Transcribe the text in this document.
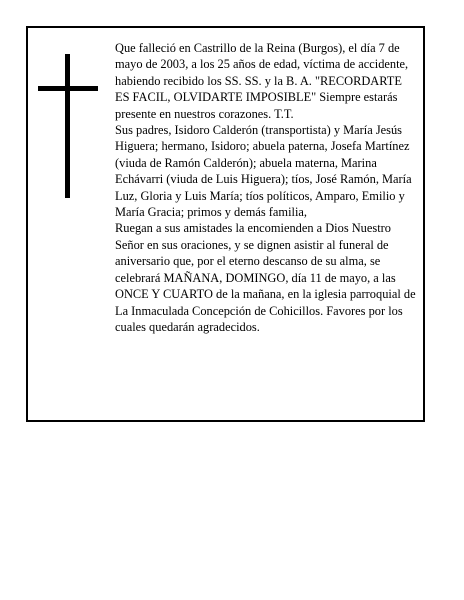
Que falleció en Castrillo de la Reina (Burgos), el día 7 de mayo de 2003, a los 25 años de edad, víctima de accidente, habiendo recibido los SS. SS. y la B. A. "RECORDARTE ES FACIL, OLVIDARTE IMPOSIBLE" Siempre estarás presente en nuestros corazones. T.T.

Sus padres, Isidoro Calderón (transportista) y María Jesús Higuera; hermano, Isidoro; abuela paterna, Josefa Martínez (viuda de Ramón Calderón); abuela materna, Marina Echávarri (viuda de Luis Higuera); tíos, José Ramón, María Luz, Gloria y Luis María; tíos políticos, Amparo, Emilio y María Gracia; primos y demás familia,

Ruegan a sus amistades la encomienden a Dios Nuestro Señor en sus oraciones, y se dignen asistir al funeral de aniversario que, por el eterno descanso de su alma, se celebrará MAÑANA, DOMINGO, día 11 de mayo, a las ONCE Y CUARTO de la mañana, en la iglesia parroquial de La Inmaculada Concepción de Cohicillos. Favores por los cuales quedarán agradecidos.
